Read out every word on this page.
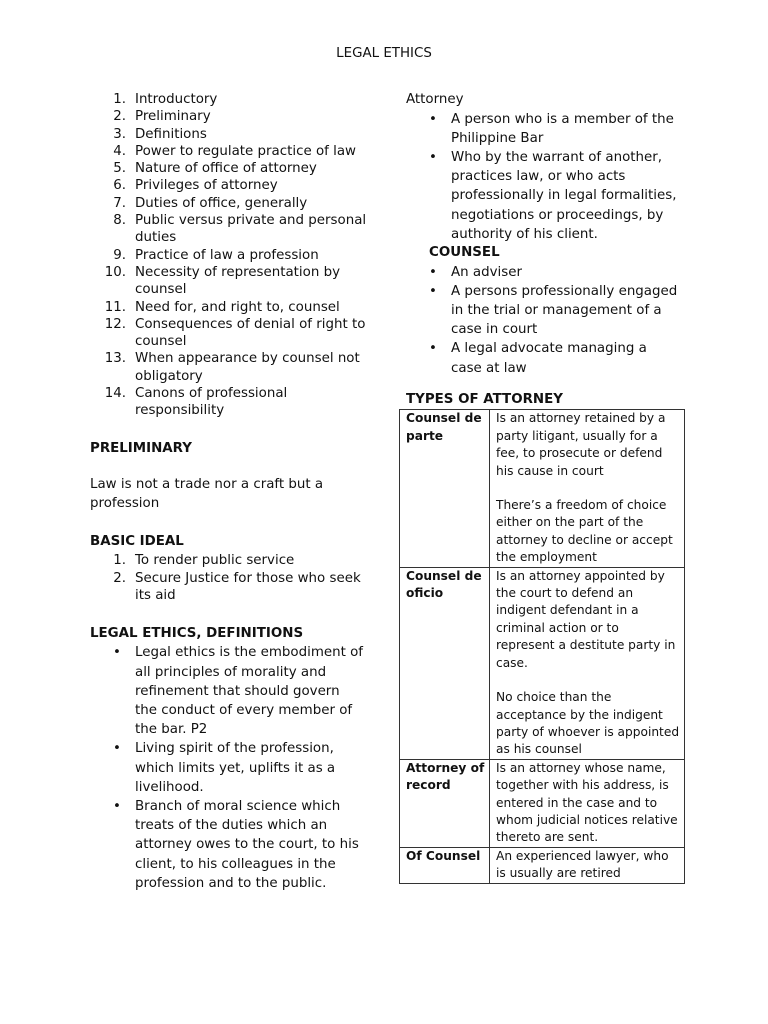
LEGAL ETHICS
1. Introductory
2. Preliminary
3. Definitions
4. Power to regulate practice of law
5. Nature of office of attorney
6. Privileges of attorney
7. Duties of office, generally
8. Public versus private and personal duties
9. Practice of law a profession
10. Necessity of representation by counsel
11. Need for, and right to, counsel
12. Consequences of denial of right to counsel
13. When appearance by counsel not obligatory
14. Canons of professional responsibility

PRELIMINARY

Law is not a trade nor a craft but a profession

BASIC IDEAL

1. To render public service
2. Secure Justice for those who seek its aid

LEGAL ETHICS, DEFINITIONS

• Legal ethics is the embodiment of all principles of morality and refinement that should govern the conduct of every member of the bar. P2
• Living spirit of the profession, which limits yet, uplifts it as a livelihood.
• Branch of moral science which treats of the duties which an attorney owes to the court, to his client, to his colleagues in the profession and to the public.

Attorney

• A person who is a member of the Philippine Bar
• Who by the warrant of another, practices law, or who acts professionally in legal formalities, negotiations or proceedings, by authority of his client.

COUNSEL

• An adviser
• A persons professionally engaged in the trial or management of a case in court
• A legal advocate managing a case at law

TYPES OF ATTORNEY

Counsel de parte	Is an attorney retained by a party litigant, usually for a fee, to prosecute or defend his cause in court

There’s a freedom of choice either on the part of the attorney to decline or accept the employment

Counsel de oficio	Is an attorney appointed by the court to defend an indigent defendant in a criminal action or to represent a destitute party in case.

No choice than the acceptance by the indigent party of whoever is appointed as his counsel

Attorney of record	Is an attorney whose name, together with his address, is entered in the case and to whom judicial notices relative thereto are sent.

Of Counsel	An experienced lawyer, who is usually are retired
